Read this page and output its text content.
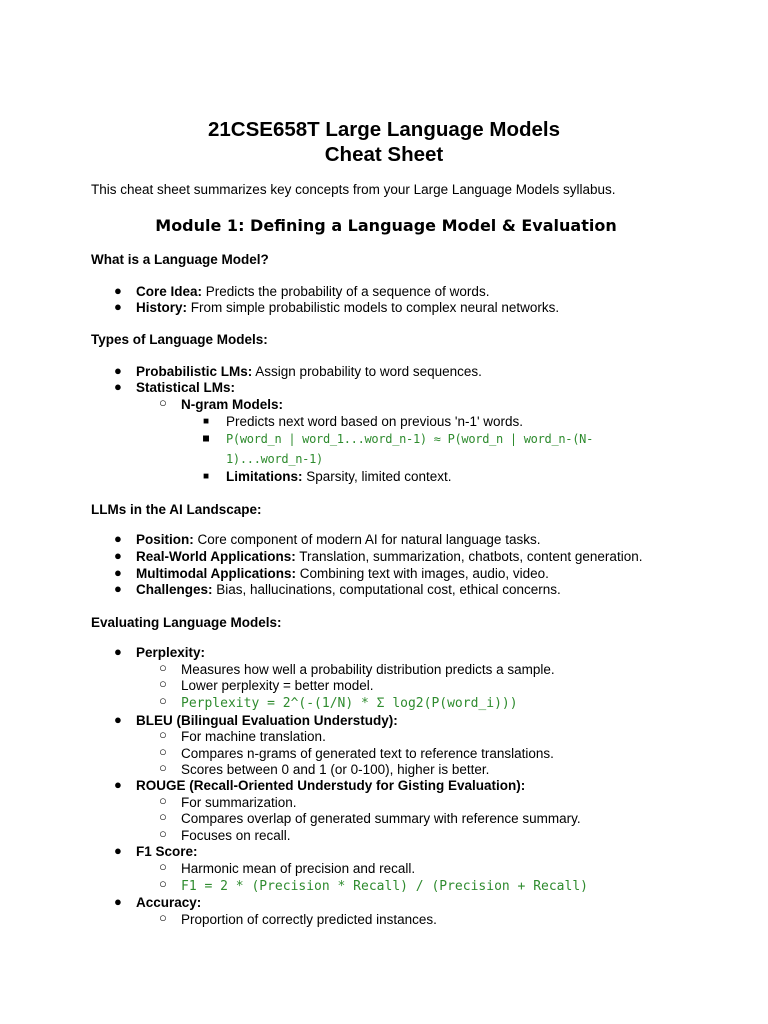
21CSE658T Large Language Models
Cheat Sheet
This cheat sheet summarizes key concepts from your Large Language Models syllabus.
Module 1: Defining a Language Model & Evaluation
What is a Language Model?
● Core Idea: Predicts the probability of a sequence of words.
● History: From simple probabilistic models to complex neural networks.
Types of Language Models:
● Probabilistic LMs: Assign probability to word sequences.
● Statistical LMs:
○ N-gram Models:
■ Predicts next word based on previous 'n-1' words.
■ P(word_n | word_1...word_n-1) ≈ P(word_n | word_n-(N-
1)...word_n-1)
■ Limitations: Sparsity, limited context.
LLMs in the AI Landscape:
● Position: Core component of modern AI for natural language tasks.
● Real-World Applications: Translation, summarization, chatbots, content generation.
● Multimodal Applications: Combining text with images, audio, video.
● Challenges: Bias, hallucinations, computational cost, ethical concerns.
Evaluating Language Models:
● Perplexity:
○ Measures how well a probability distribution predicts a sample.
○ Lower perplexity = better model.
○ Perplexity = 2^(-(1/N) * Σ log2(P(word_i)))
● BLEU (Bilingual Evaluation Understudy):
○ For machine translation.
○ Compares n-grams of generated text to reference translations.
○ Scores between 0 and 1 (or 0-100), higher is better.
● ROUGE (Recall-Oriented Understudy for Gisting Evaluation):
○ For summarization.
○ Compares overlap of generated summary with reference summary.
○ Focuses on recall.
● F1 Score:
○ Harmonic mean of precision and recall.
○ F1 = 2 * (Precision * Recall) / (Precision + Recall)
● Accuracy:
○ Proportion of correctly predicted instances.
